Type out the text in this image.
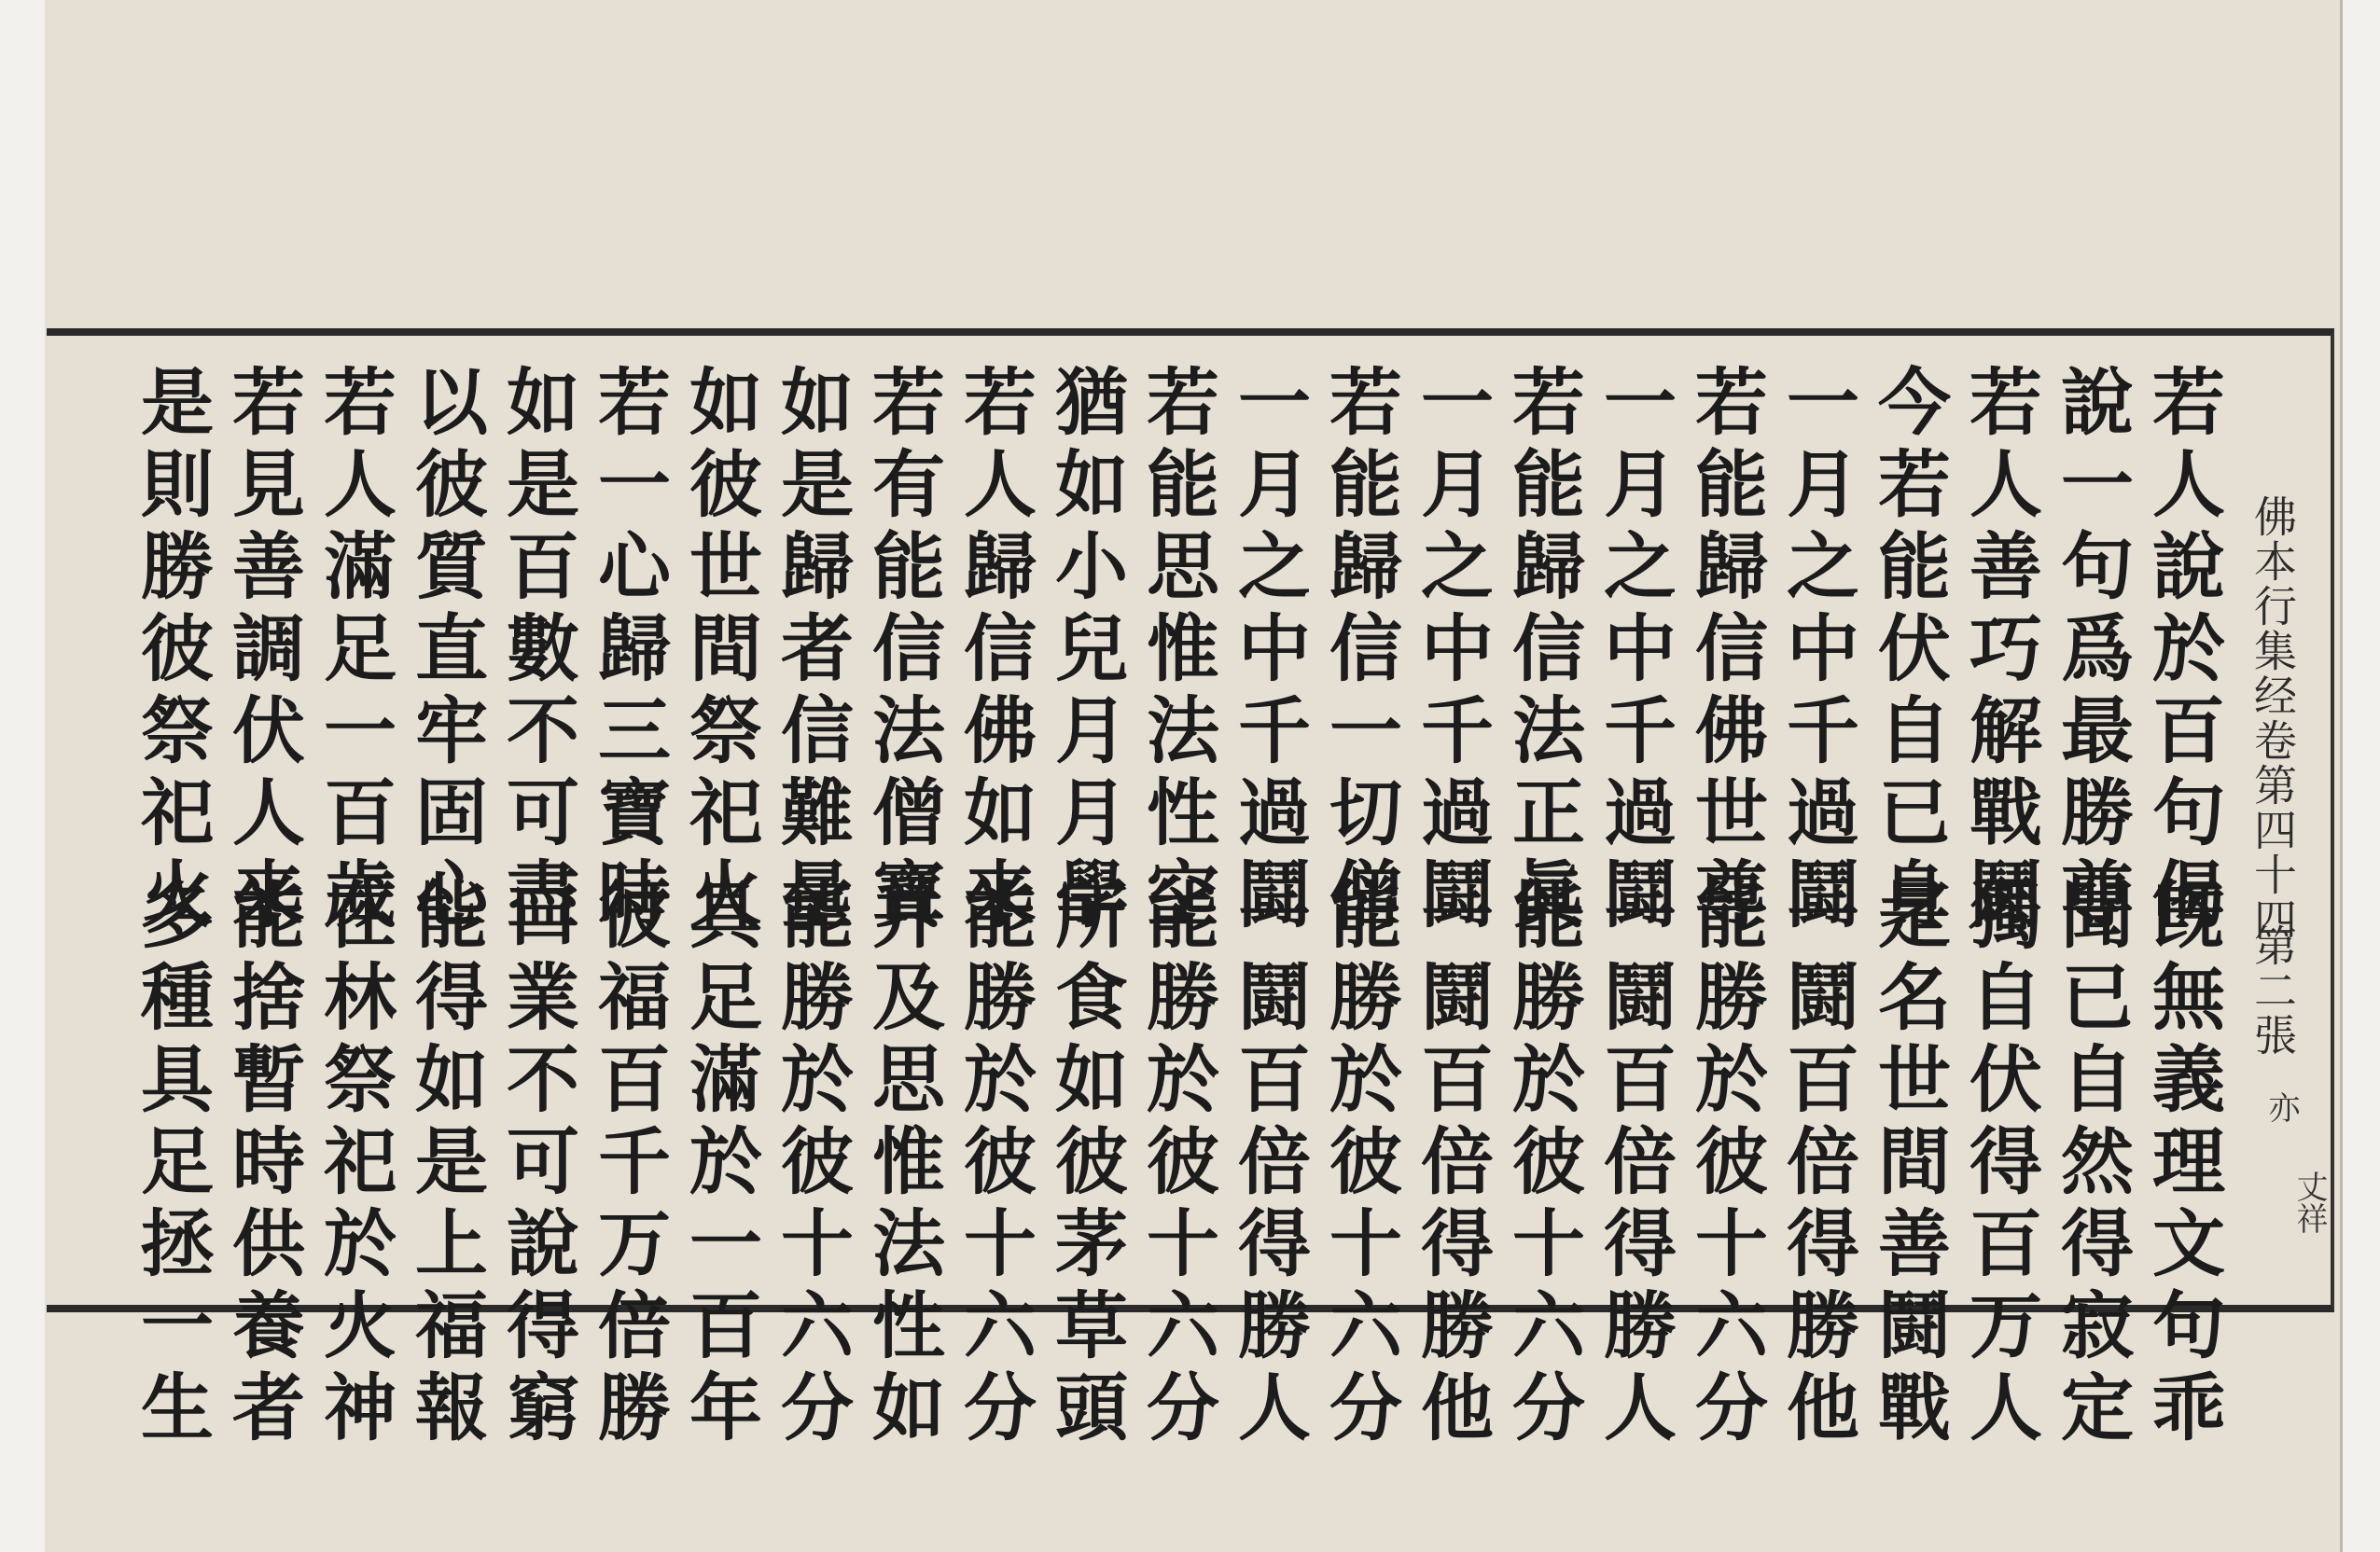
佛本行集经卷第四十四
第二張
亦
丈祥
若人說於百句偈
旣無義理文句乖
說一句爲最勝尊
聞已自然得寂定
若人善巧解戰鬪
獨自伏得百万人
今若能伏自已身
是名世間善鬪戰
一月之中千過鬪
一鬪百倍得勝他
若能歸信佛世尊
能勝於彼十六分
一月之中千過鬪
一鬪百倍得勝人
若能歸信法正眞
能勝於彼十六分
一月之中千過鬪
一鬪百倍得勝他
若能歸信一切僧
能勝於彼十六分
一月之中千過鬪
一鬪百倍得勝人
若能思惟法性空
能勝於彼十六分
猶如小兒月月學
所食如彼茅草頭
若人歸信佛如来
能勝於彼十六分
若有能信法僧寶
并及思惟法性如
如是歸者信難量
能勝於彼十六分
如彼世間祭祀火
具足滿於一百年
若一心歸三寶時
彼福百千万倍勝
如是百數不可盡
口業不可說得窮
以彼質直牢固心
能得如是上福報
若人滿足一百歲
在林祭祀於火神
若見善調伏人来
能捨暫時供養者
是則勝彼祭祀火
多種具足拯一生
